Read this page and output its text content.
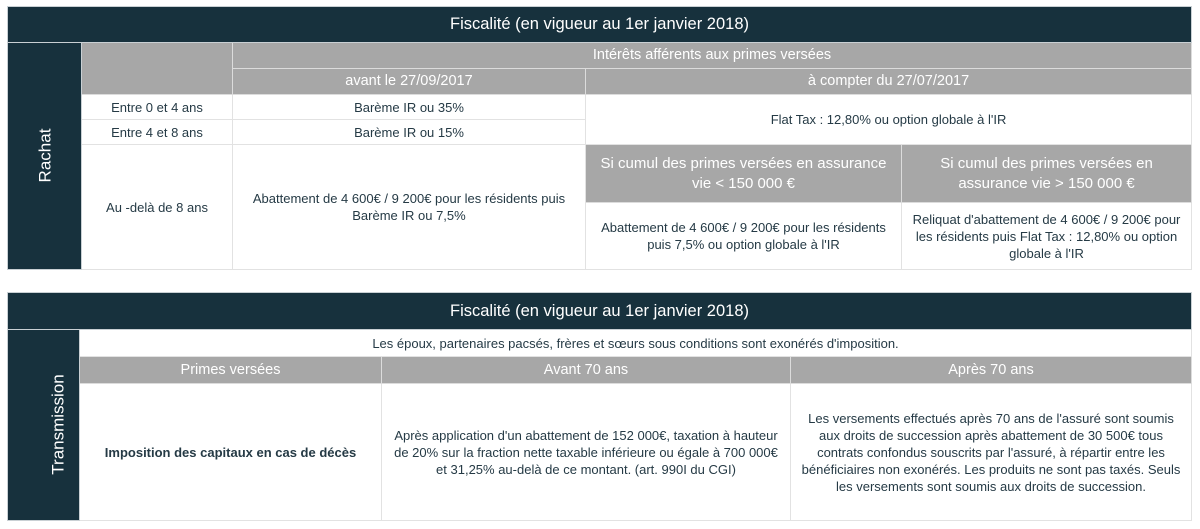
Fiscalité (en vigueur au 1er janvier 2018)				
Rachat		Intérêts afférents aux primes versées		
		avant le 27/09/2017	à compter du 27/07/2017	
	Entre 0 et 4 ans	Barème IR ou 35%	Flat Tax : 12,80% ou option globale à l'IR	
	Entre 4 et 8 ans	Barème IR ou 15%		
	Au -delà de 8 ans	Abattement de 4 600€ / 9 200€ pour les résidents puis Barème IR ou 7,5%	Si cumul des primes versées en assurance vie < 150 000 €	Si cumul des primes versées en assurance vie > 150 000 €
			Abattement de 4 600€ / 9 200€ pour les résidents puis 7,5% ou option globale à l'IR	Reliquat d'abattement de 4 600€ / 9 200€ pour les résidents puis Flat Tax : 12,80% ou option globale à l'IR
Fiscalité (en vigueur au 1er janvier 2018)			
Transmission	Les époux, partenaires pacsés, frères et sœurs sous conditions sont exonérés d'imposition.		
	Primes versées	Avant 70 ans	Après 70 ans
	Imposition des capitaux en cas de décès	Après application d'un abattement de 152 000€, taxation à hauteur de 20% sur la fraction nette taxable inférieure ou égale à 700 000€ et 31,25% au-delà de ce montant. (art. 990I du CGI)	Les versements effectués après 70 ans de l'assuré sont soumis aux droits de succession après abattement de 30 500€ tous contrats confondus souscrits par l'assuré, à répartir entre les bénéficiaires non exonérés. Les produits ne sont pas taxés. Seuls les versements sont soumis aux droits de succession.
